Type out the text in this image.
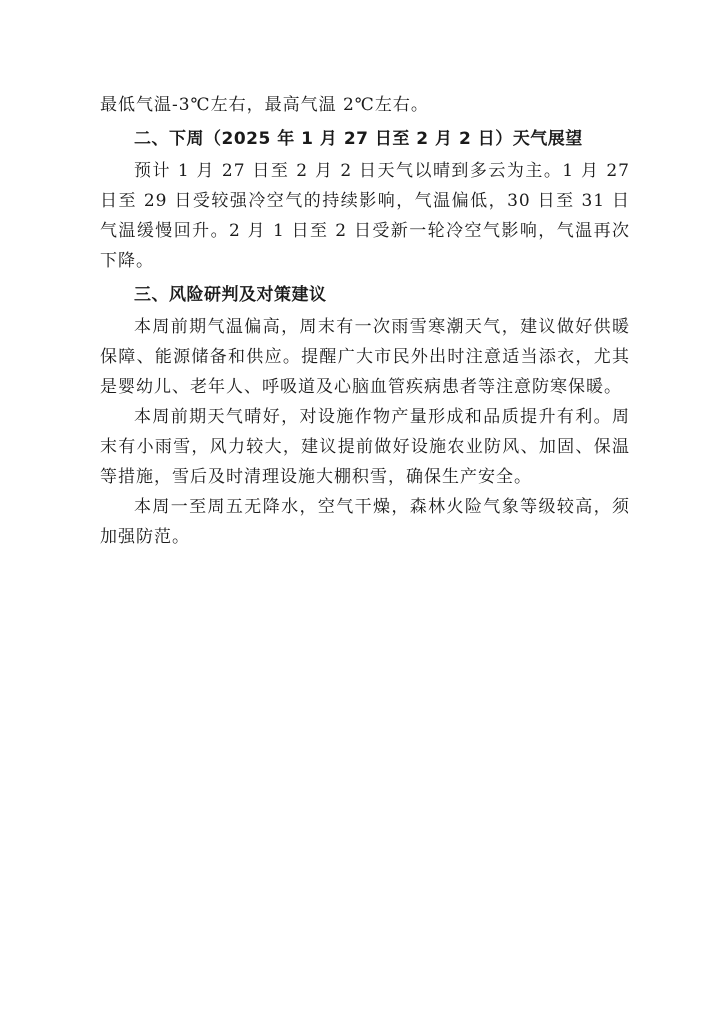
最低气温-3℃左右，最高气温 2℃左右。

二、下周（2025 年 1 月 27 日至 2 月 2 日）天气展望

预计 1 月 27 日至 2 月 2 日天气以晴到多云为主。1 月 27 日至 29 日受较强冷空气的持续影响，气温偏低，30 日至 31 日气温缓慢回升。2 月 1 日至 2 日受新一轮冷空气影响，气温再次下降。

三、风险研判及对策建议

本周前期气温偏高，周末有一次雨雪寒潮天气，建议做好供暖保障、能源储备和供应。提醒广大市民外出时注意适当添衣，尤其是婴幼儿、老年人、呼吸道及心脑血管疾病患者等注意防寒保暖。

本周前期天气晴好，对设施作物产量形成和品质提升有利。周末有小雨雪，风力较大，建议提前做好设施农业防风、加固、保温等措施，雪后及时清理设施大棚积雪，确保生产安全。

本周一至周五无降水，空气干燥，森林火险气象等级较高，须加强防范。
